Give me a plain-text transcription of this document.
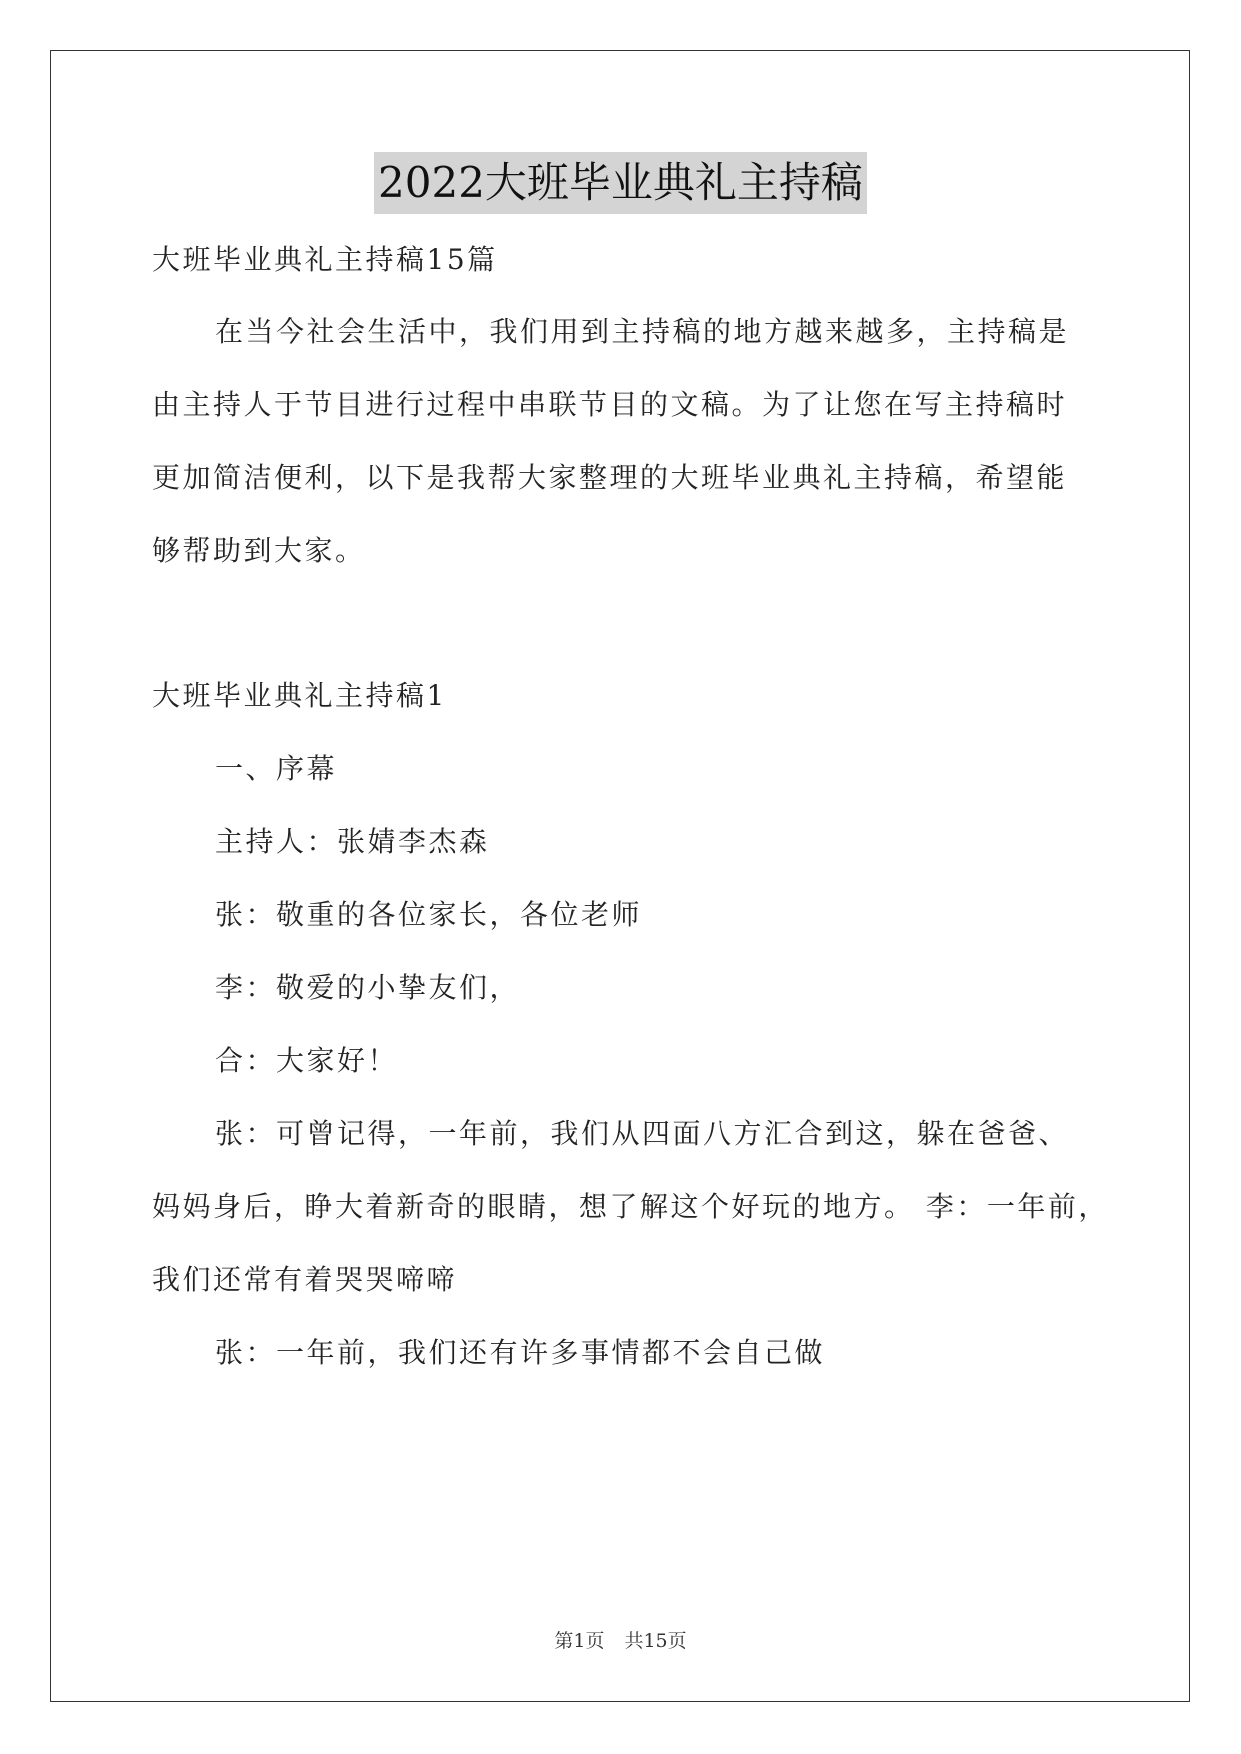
2022大班毕业典礼主持稿
大班毕业典礼主持稿15篇
在当今社会生活中，我们用到主持稿的地方越来越多，主持稿是
由主持人于节目进行过程中串联节目的文稿。为了让您在写主持稿时
更加简洁便利，以下是我帮大家整理的大班毕业典礼主持稿，希望能
够帮助到大家。
大班毕业典礼主持稿1
一、序幕
主持人：张婧李杰森
张：敬重的各位家长，各位老师
李：敬爱的小挚友们，
合：大家好！
张：可曾记得，一年前，我们从四面八方汇合到这，躲在爸爸、
妈妈身后，睁大着新奇的眼睛，想了解这个好玩的地方。 李：一年前，
我们还常有着哭哭啼啼
张：一年前，我们还有许多事情都不会自己做
第1页 共15页
